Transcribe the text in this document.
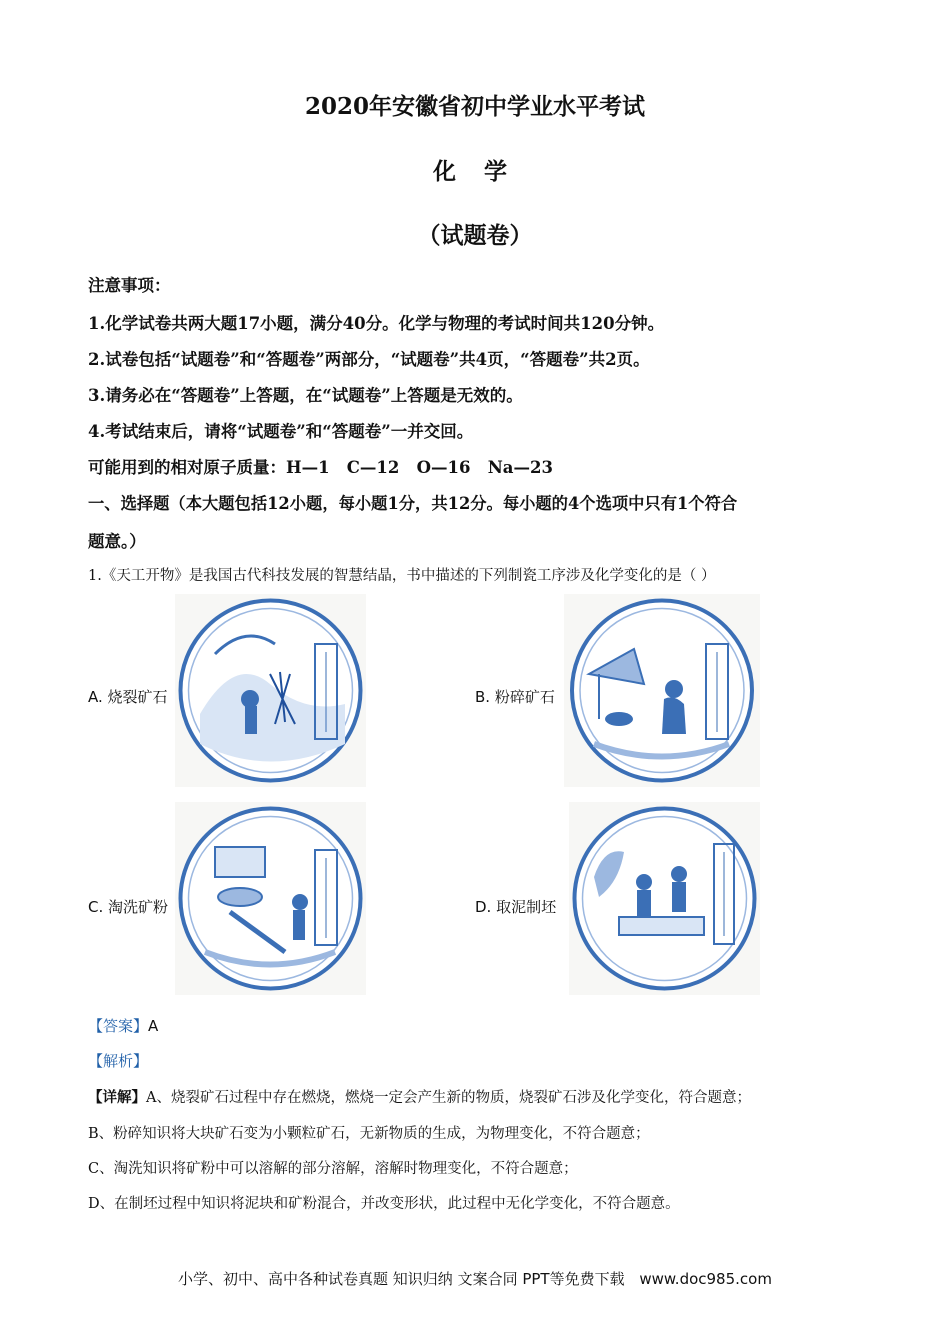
2020年安徽省初中学业水平考试
化 学
（试题卷）
注意事项：
1.化学试卷共两大题17小题，满分40分。化学与物理的考试时间共120分钟。
2.试卷包括“试题卷”和“答题卷”两部分，“试题卷”共4页，“答题卷”共2页。
3.请务必在“答题卷”上答题，在“试题卷”上答题是无效的。
4.考试结束后，请将“试题卷”和“答题卷”一并交回。
可能用到的相对原子质量：H—1   C—12   O—16   Na—23
一、选择题（本大题包括12小题，每小题1分，共12分。每小题的4个选项中只有1个符合
题意。）
1.《天工开物》是我国古代科技发展的智慧结晶，书中描述的下列制瓷工序涉及化学变化的是（ ）
A. 烧裂矿石	B. 粉碎矿石
C. 淘洗矿粉	D. 取泥制坯
【答案】A
【解析】
【详解】A、烧裂矿石过程中存在燃烧，燃烧一定会产生新的物质，烧裂矿石涉及化学变化，符合题意；
B、粉碎知识将大块矿石变为小颗粒矿石，无新物质的生成，为物理变化，不符合题意；
C、淘洗知识将矿粉中可以溶解的部分溶解，溶解时物理变化，不符合题意；
D、在制坯过程中知识将泥块和矿粉混合，并改变形状，此过程中无化学变化，不符合题意。
小学、初中、高中各种试卷真题 知识归纳 文案合同 PPT等免费下载 www.doc985.com
